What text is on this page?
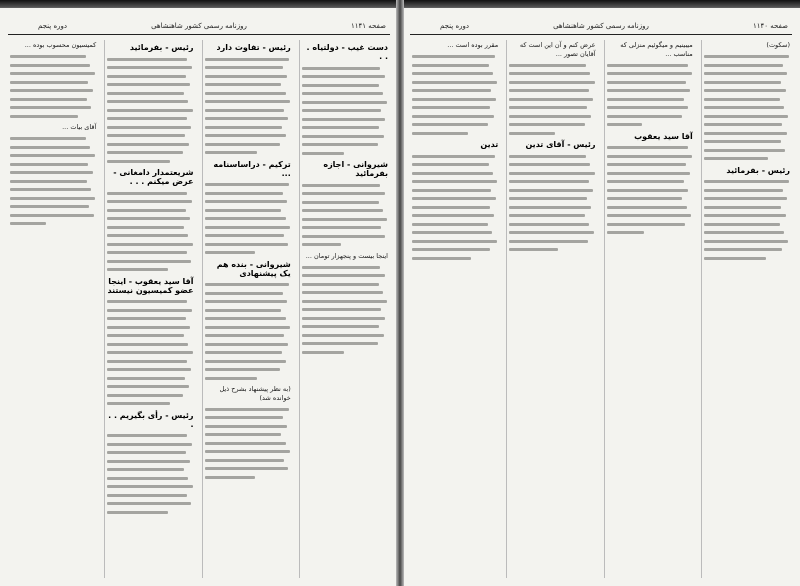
صفحه ۱۱۴۱
روزنامه رسمی کشور شاهنشاهی
دوره پنجم
دست غیب - دولتیاه . . .
شیروانی - اجازه بفرمائید
اینجا بیست و پنجهزار تومان ...
رئیس - تفاوت دارد
ترکیم - دراساسنامه ...
شیروانی - بنده هم یک پیشنهادی
(به نظر پیشنهاد بشرح ذیل خوانده شد)
رئیس - بفرمائید
شریعتمدار دامغانی - عرض میکنم . . .
آقا سید یعقوب - اینجا عضو کمیسیون نیستند
رئیس - رأی بگیریم . . .
کمیسیون محسوب بوده ...
آقای بیات ...
صفحه ۱۱۴۰
روزنامه رسمی کشور شاهنشاهی
دوره پنجم
(سکوت)
رئیس - بفرمائید
میبینیم و میگوئیم منزلی که مناسب ...
آقا سید یعقوب
عرض کنم و آن این است که آقایان تصور ...
رئیس - آقای تدین
مقرر بوده است ...
تدین
